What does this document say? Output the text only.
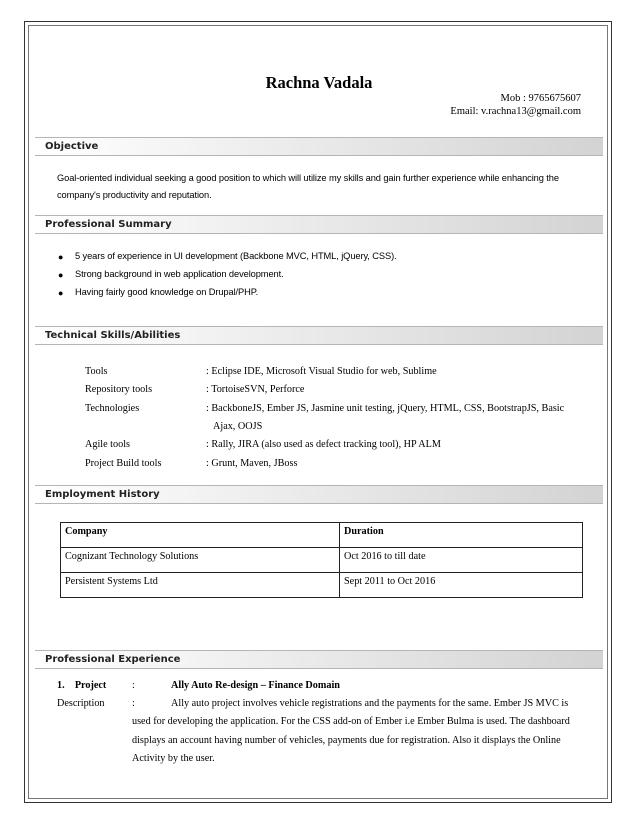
Rachna Vadala
Mob : 9765675607
Email: v.rachna13@gmail.com
Objective
Goal-oriented individual seeking a good position to which will utilize my skills and gain further experience while enhancing the
company's productivity and reputation.
Professional Summary
● 5 years of experience in UI development (Backbone MVC, HTML, jQuery, CSS).
● Strong background in web application development.
● Having fairly good knowledge on Drupal/PHP.
Technical Skills/Abilities
Tools	: Eclipse IDE, Microsoft Visual Studio for web, Sublime
Repository tools	: TortoiseSVN, Perforce
Technologies	: BackboneJS, Ember JS, Jasmine unit testing, jQuery, HTML, CSS, BootstrapJS, Basic
Ajax, OOJS
Agile tools	: Rally, JIRA (also used as defect tracking tool), HP ALM
Project Build tools	: Grunt, Maven, JBoss
Employment History
Company	Duration
Cognizant Technology Solutions	Oct 2016 to till date
Persistent Systems Ltd	Sept 2011 to Oct 2016
Professional Experience
1.    Project	:	Ally Auto Re-design – Finance Domain
Description	:	Ally auto project involves vehicle registrations and the payments for the same. Ember JS MVC is
used for developing the application. For the CSS add-on of Ember i.e Ember Bulma is used. The dashboard
displays an account having number of vehicles, payments due for registration. Also it displays the Online
Activity by the user.
